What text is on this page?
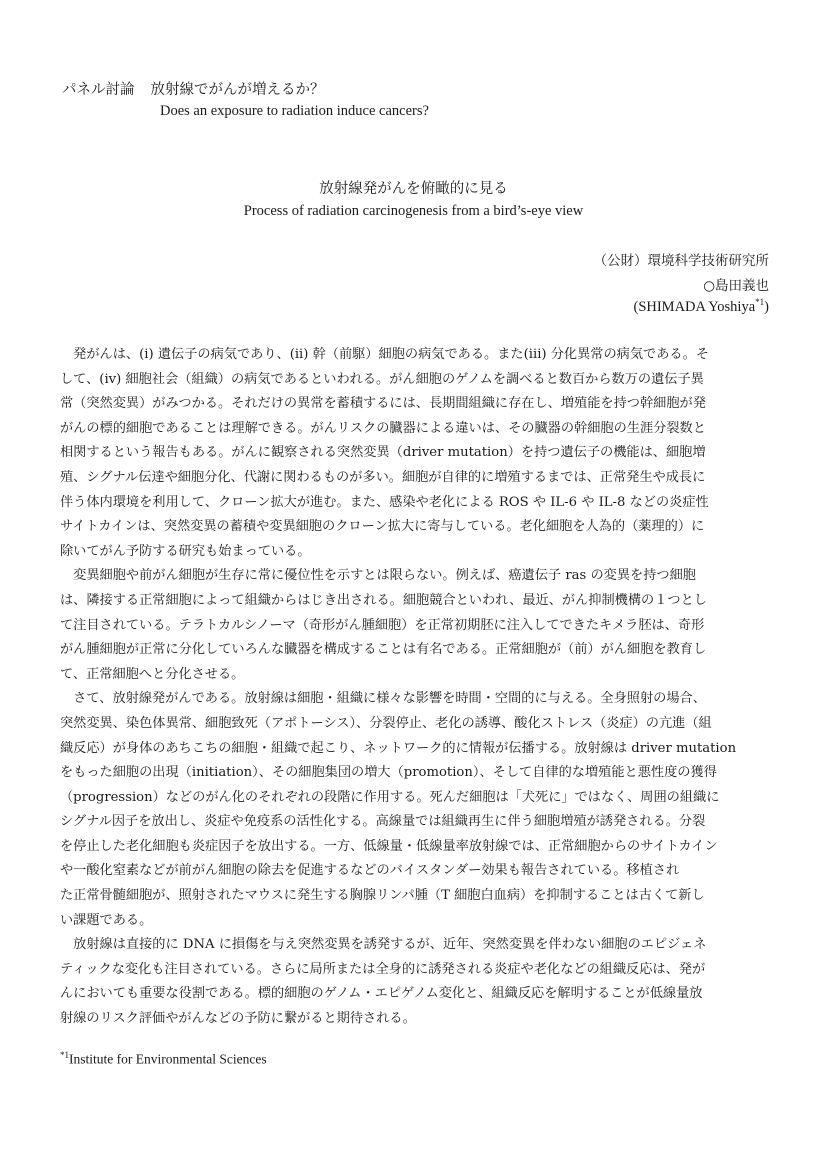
パネル討論 放射線でがんが増えるか？
Does an exposure to radiation induce cancers?
放射線発がんを俯瞰的に見る
Process of radiation carcinogenesis from a bird’s-eye view
（公財）環境科学技術研究所
○島田義也
(SHIMADA Yoshiya$^{*1}$)
　発がんは、(i) 遺伝子の病気であり、(ii) 幹（前駆）細胞の病気である。また(iii) 分化異常の病気である。そ
して、(iv) 細胞社会（組織）の病気であるといわれる。がん細胞のゲノムを調べると数百から数万の遺伝子異
常（突然変異）がみつかる。それだけの異常を蓄積するには、長期間組織に存在し、増殖能を持つ幹細胞が発
がんの標的細胞であることは理解できる。がんリスクの臓器による違いは、その臓器の幹細胞の生涯分裂数と
相関するという報告もある。がんに観察される突然変異（driver mutation）を持つ遺伝子の機能は、細胞増
殖、シグナル伝達や細胞分化、代謝に関わるものが多い。細胞が自律的に増殖するまでは、正常発生や成長に
伴う体内環境を利用して、クローン拡大が進む。また、感染や老化による ROS や IL-6 や IL-8 などの炎症性
サイトカインは、突然変異の蓄積や変異細胞のクローン拡大に寄与している。老化細胞を人為的（薬理的）に
除いてがん予防する研究も始まっている。
　変異細胞や前がん細胞が生存に常に優位性を示すとは限らない。例えば、癌遺伝子 ras の変異を持つ細胞
は、隣接する正常細胞によって組織からはじき出される。細胞競合といわれ、最近、がん抑制機構の１つとし
て注目されている。テラトカルシノーマ（奇形がん腫細胞）を正常初期胚に注入してできたキメラ胚は、奇形
がん腫細胞が正常に分化していろんな臓器を構成することは有名である。正常細胞が（前）がん細胞を教育し
て、正常細胞へと分化させる。
　さて、放射線発がんである。放射線は細胞・組織に様々な影響を時間・空間的に与える。全身照射の場合、
突然変異、染色体異常、細胞致死（アポトーシス）、分裂停止、老化の誘導、酸化ストレス（炎症）の亢進（組
織反応）が身体のあちこちの細胞・組織で起こり、ネットワーク的に情報が伝播する。放射線は driver mutation
をもった細胞の出現（initiation）、その細胞集団の増大（promotion）、そして自律的な増殖能と悪性度の獲得
（progression）などのがん化のそれぞれの段階に作用する。死んだ細胞は「犬死に」ではなく、周囲の組織に
シグナル因子を放出し、炎症や免疫系の活性化する。高線量では組織再生に伴う細胞増殖が誘発される。分裂
を停止した老化細胞も炎症因子を放出する。一方、低線量・低線量率放射線では、正常細胞からのサイトカイン
や一酸化窒素などが前がん細胞の除去を促進するなどのバイスタンダー効果も報告されている。移植され
た正常骨髄細胞が、照射されたマウスに発生する胸腺リンパ腫（T 細胞白血病）を抑制することは古くて新し
い課題である。
　放射線は直接的に DNA に損傷を与え突然変異を誘発するが、近年、突然変異を伴わない細胞のエピジェネ
ティックな変化も注目されている。さらに局所または全身的に誘発される炎症や老化などの組織反応は、発が
んにおいても重要な役割である。標的細胞のゲノム・エピゲノム変化と、組織反応を解明することが低線量放
射線のリスク評価やがんなどの予防に繋がると期待される。
$^{*1}$Institute for Environmental Sciences
